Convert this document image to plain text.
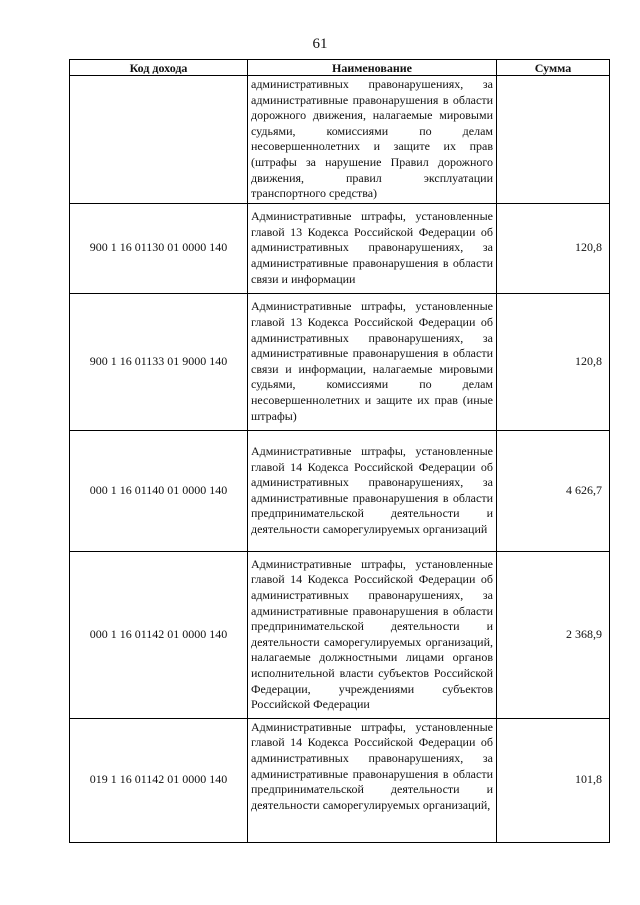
61
Код дохода	Наименование	Сумма
	административных правонарушениях, за административные правонарушения в области дорожного движения, налагаемые мировыми судьями, комиссиями по делам несовершеннолетних и защите их прав (штрафы за нарушение Правил дорожного движения, правил эксплуатации транспортного средства)	
900 1 16 01130 01 0000 140	Административные штрафы, установленные главой 13 Кодекса Российской Федерации об административных правонарушениях, за административные правонарушения в области связи и информации	120,8
900 1 16 01133 01 9000 140	Административные штрафы, установленные главой 13 Кодекса Российской Федерации об административных правонарушениях, за административные правонарушения в области связи и информации, налагаемые мировыми судьями, комиссиями по делам несовершеннолетних и защите их прав (иные штрафы)	120,8
000 1 16 01140 01 0000 140	Административные штрафы, установленные главой 14 Кодекса Российской Федерации об административных правонарушениях, за административные правонарушения в области предпринимательской деятельности и деятельности саморегулируемых организаций	4 626,7
000 1 16 01142 01 0000 140	Административные штрафы, установленные главой 14 Кодекса Российской Федерации об административных правонарушениях, за административные правонарушения в области предпринимательской деятельности и деятельности саморегулируемых организаций, налагаемые должностными лицами органов исполнительной власти субъектов Российской Федерации, учреждениями субъектов Российской Федерации	2 368,9
019 1 16 01142 01 0000 140	Административные штрафы, установленные главой 14 Кодекса Российской Федерации об административных правонарушениях, за административные правонарушения в области предпринимательской деятельности и деятельности саморегулируемых организаций,	101,8
